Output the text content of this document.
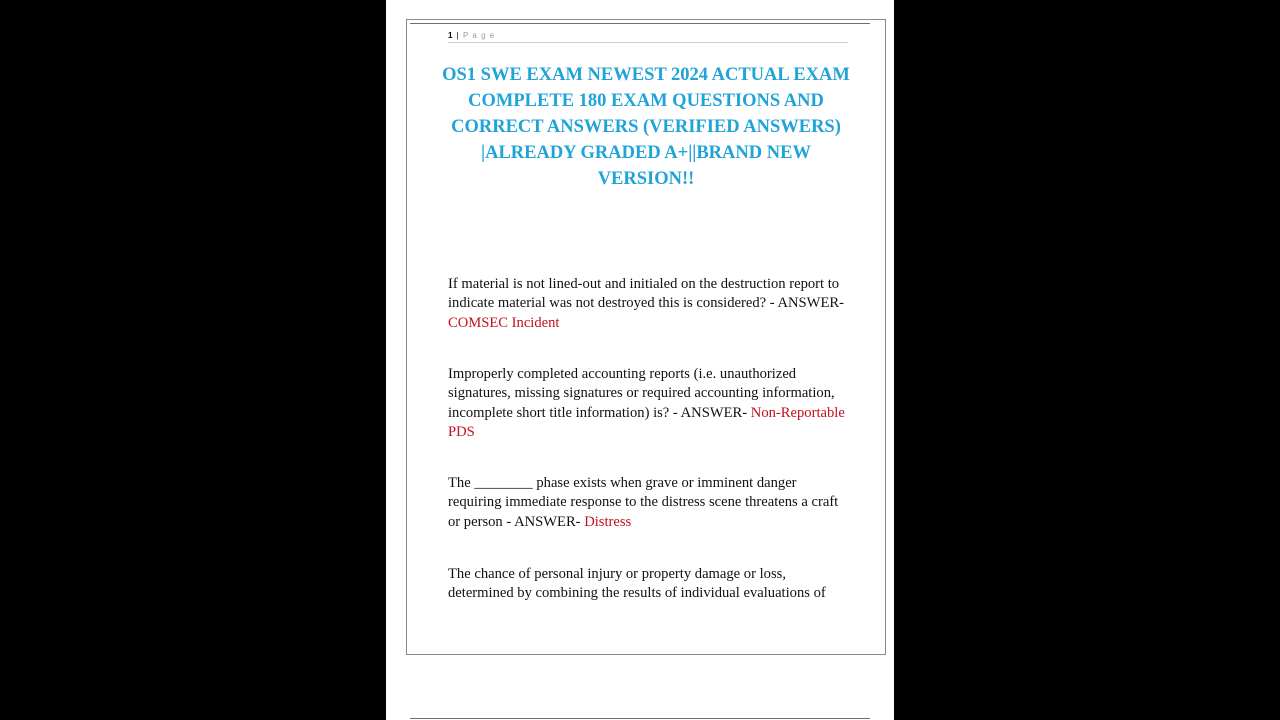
1 | P a g e
OS1 SWE EXAM NEWEST 2024 ACTUAL EXAM COMPLETE 180 EXAM QUESTIONS AND CORRECT ANSWERS (VERIFIED ANSWERS) |ALREADY GRADED A+||BRAND NEW VERSION!!

If material is not lined-out and initialed on the destruction report to indicate material was not destroyed this is considered? - ANSWER- COMSEC Incident

Improperly completed accounting reports (i.e. unauthorized signatures, missing signatures or required accounting information, incomplete short title information) is? - ANSWER- Non-Reportable PDS

The ________ phase exists when grave or imminent danger requiring immediate response to the distress scene threatens a craft or person - ANSWER- Distress

The chance of personal injury or property damage or loss, determined by combining the results of individual evaluations of
